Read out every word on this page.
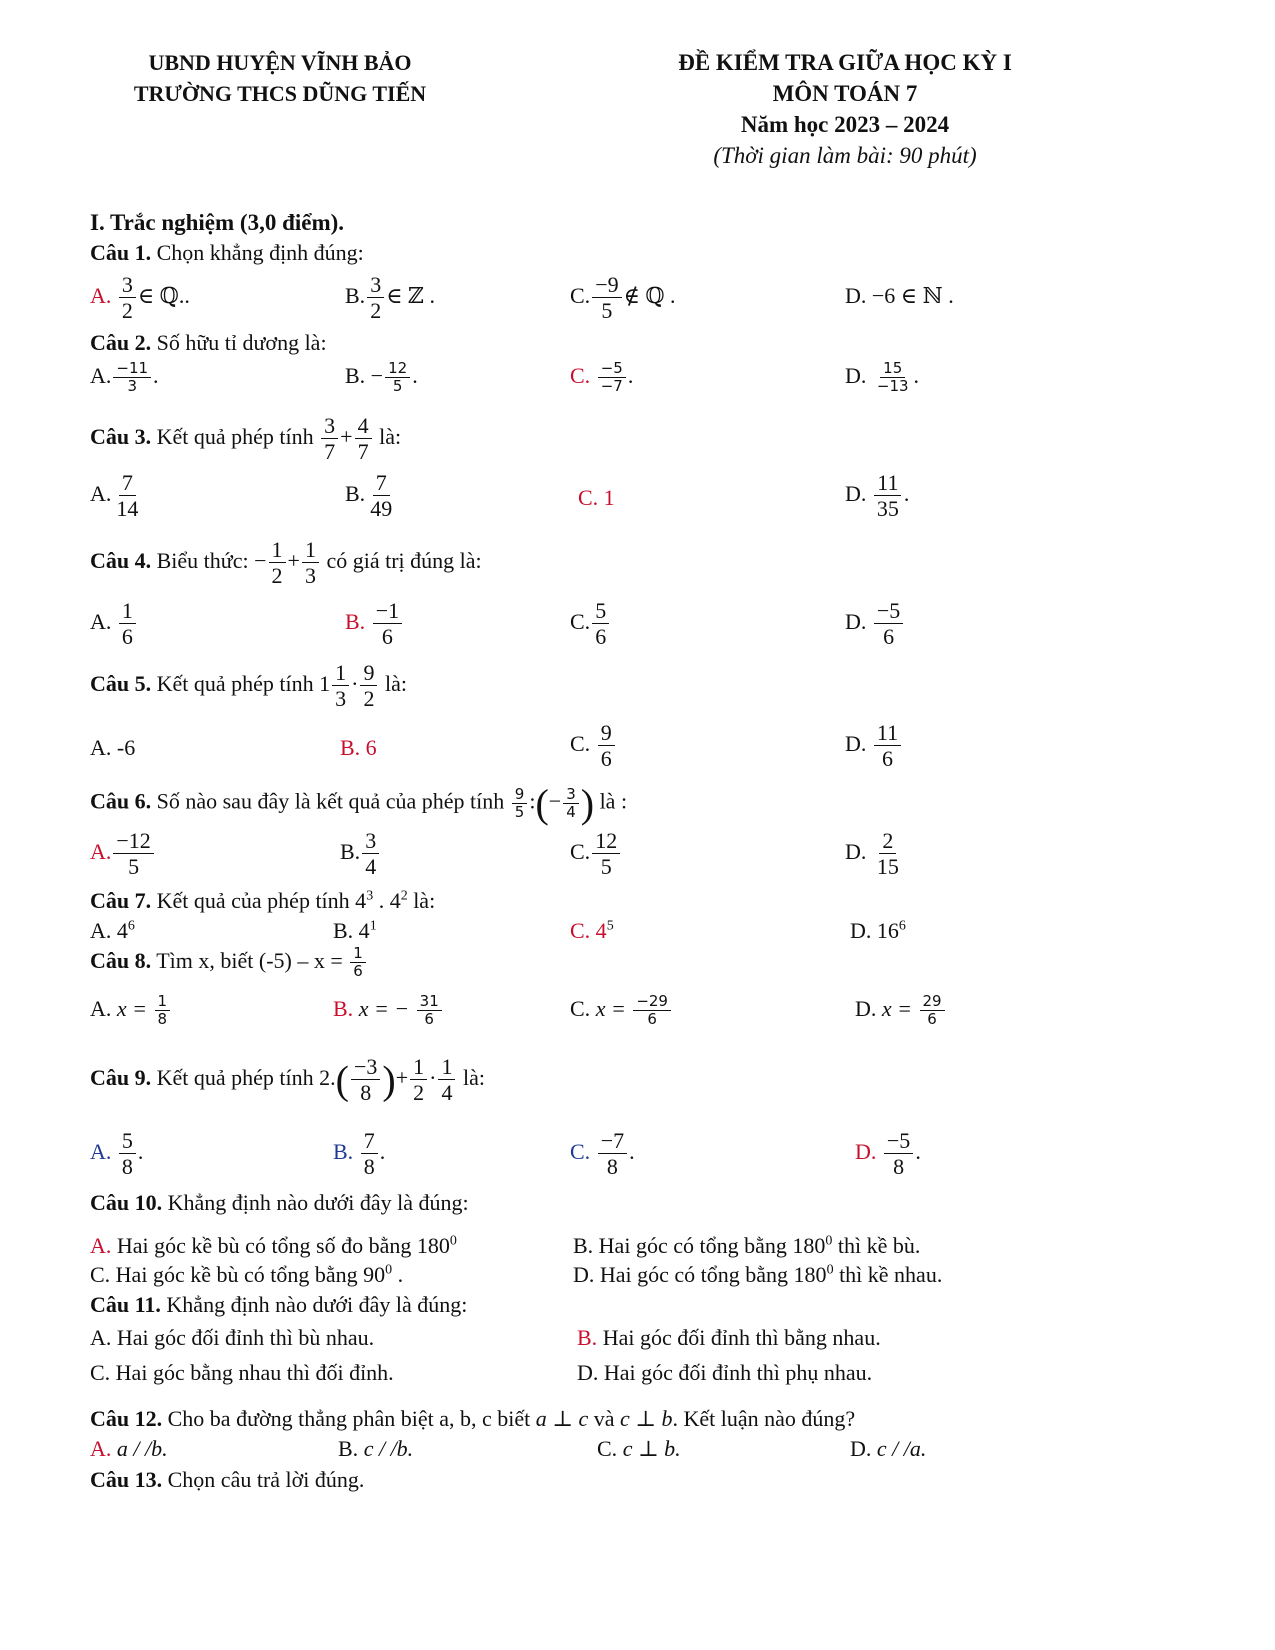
UBND HUYỆN VĨNH BẢO
TRƯỜNG THCS DŨNG TIẾN
ĐỀ KIỂM TRA GIỮA HỌC KỲ I
MÔN TOÁN 7
Năm học 2023 – 2024
(Thời gian làm bài: 90 phút)
I. Trắc nghiệm (3,0 điểm).
Câu 1. Chọn khẳng định đúng:
A. $\frac{3}{2}$ ∈ ℚ..	B. $\frac{3}{2}$ ∈ ℤ .	C. $\frac{-9}{5}$ ∉ ℚ .	D. −6 ∈ ℕ .
Câu 2. Số hữu tỉ dương là:
A. $\frac{-11}{3}$ .	B. − $\frac{12}{5}$ .	C. $\frac{-5}{-7}$ .	D. $\frac{15}{-13}$ .
Câu 3. Kết quả phép tính $\frac{3}{7} + \frac{4}{7}$ là:
A. $\frac{7}{14}$	B. $\frac{7}{49}$	C. 1	D. $\frac{11}{35}$ .
Câu 4. Biểu thức: − $\frac{1}{2} + \frac{1}{3}$ có giá trị đúng là:
A. $\frac{1}{6}$	B. $\frac{-1}{6}$	C. $\frac{5}{6}$	D. $\frac{-5}{6}$
Câu 5. Kết quả phép tính $1 \frac{1}{3} \cdot \frac{9}{2}$ là:
A. -6	B. 6	C. $\frac{9}{6}$	D. $\frac{11}{6}$
Câu 6. Số nào sau đây là kết quả của phép tính $\frac{9}{5}$ :(− $\frac{3}{4}$ ) là :
A. $\frac{-12}{5}$	B. $\frac{3}{4}$	C. $\frac{12}{5}$	D. $\frac{2}{15}$
Câu 7. Kết quả của phép tính $4^3$ . $4^2$ là:
A. $4^6$	B. $4^1$	C. $4^5$	D. $16^6$
Câu 8. Tìm x, biết $(-5) - x = \frac{1}{6}$
A. $x = \frac{1}{8}$	B. x = − $\frac{31}{6}$	C. $x = \frac{-29}{6}$	D. $x = \frac{29}{6}$
Câu 9. Kết quả phép tính $2.( \frac{-3}{8}$ )+ $\frac{1}{2} \cdot \frac{1}{4}$ là:
A. $\frac{5}{8}$ .	B. $\frac{7}{8}$ .	C. $\frac{-7}{8}$ .	D. $\frac{-5}{8}$ .
Câu 10. Khẳng định nào dưới đây là đúng:
A. Hai góc kề bù có tổng số đo bằng $180^0$	B. Hai góc có tổng bằng $180^0$ thì kề bù.
C. Hai góc kề bù có tổng bằng $90^0$ .	D. Hai góc có tổng bằng $180^0$ thì kề nhau.
Câu 11. Khẳng định nào dưới đây là đúng:
A. Hai góc đối đỉnh thì bù nhau.	B. Hai góc đối đỉnh thì bằng nhau.
C. Hai góc bằng nhau thì đối đỉnh.	D. Hai góc đối đỉnh thì phụ nhau.
Câu 12. Cho ba đường thẳng phân biệt a, b, c biết a ⊥ c và c ⊥ b. Kết luận nào đúng?
A. a / /b.	B. c / /b.	C. c ⊥ b.	D. c / /a.
Câu 13. Chọn câu trả lời đúng.
